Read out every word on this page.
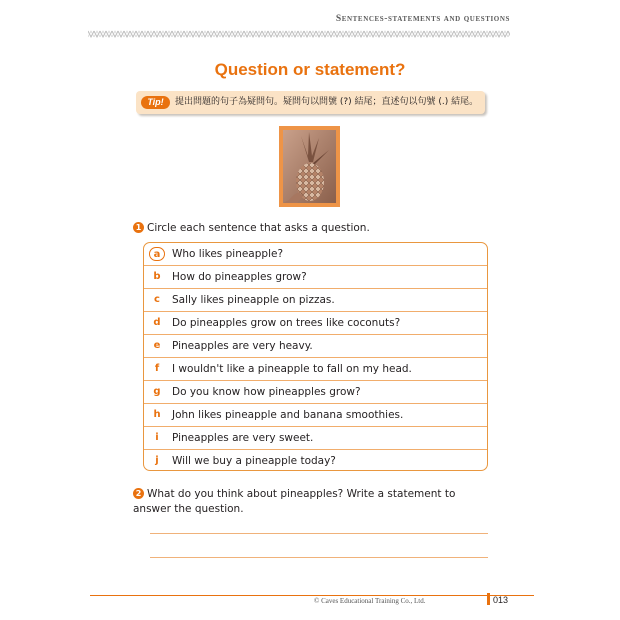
Sentences-statements and questions
Question or statement?
Tip!	提出問題的句子為疑問句。疑問句以問號 (?) 結尾；直述句以句號 (.) 結尾。
1 Circle each sentence that asks a question.
a	Who likes pineapple?
b	How do pineapples grow?
c	Sally likes pineapple on pizzas.
d	Do pineapples grow on trees like coconuts?
e	Pineapples are very heavy.
f	I wouldn't like a pineapple to fall on my head.
g	Do you know how pineapples grow?
h	John likes pineapple and banana smoothies.
i	Pineapples are very sweet.
j	Will we buy a pineapple today?
2 What do you think about pineapples? Write a statement to answer the question.
© Caves Educational Training Co., Ltd.	013
